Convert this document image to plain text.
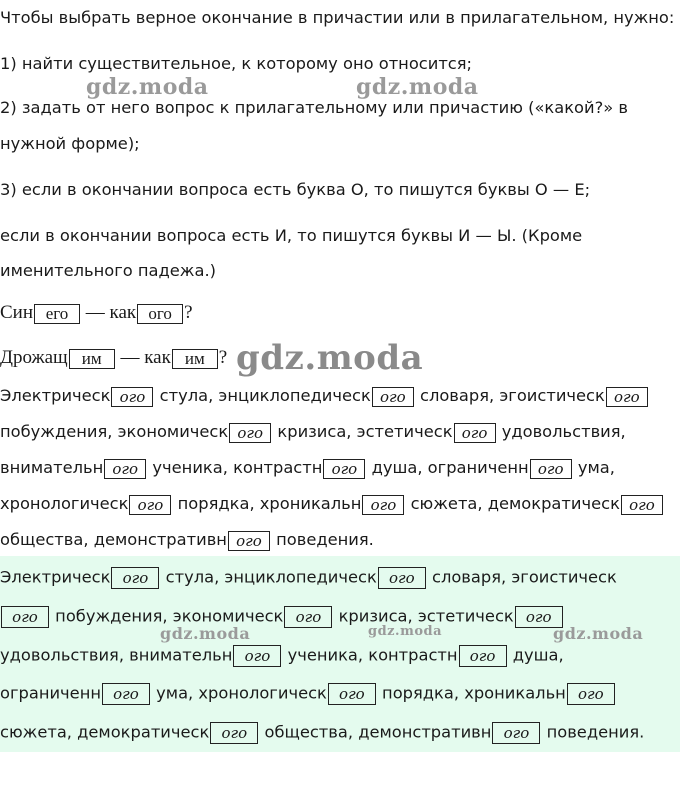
Чтобы выбрать верное окончание в причастии или в прилагательном, нужно:
1) найти существительное, к которому оно относится;
2) задать от него вопрос к прилагательному или причастию («какой?» в
нужной форме);
3) если в окончании вопроса есть буква О, то пишутся буквы О — Е;
если в окончании вопроса есть И, то пишутся буквы И — Ы. (Кроме
именительного падежа.)
Син его — как ого ?
Дрожащ им — как им ?
Электрическ ого стула, энциклопедическ ого словаря, эгоистическ ого
побуждения, экономическ ого кризиса, эстетическ ого удовольствия,
внимательн ого ученика, контрастн ого душа, ограниченн ого ума,
хронологическ ого порядка, хроникальн ого сюжета, демократическ ого
общества, демонстративн ого поведения.
Электрическ ого стула, энциклопедическ ого словаря, эгоистическ
ого побуждения, экономическ ого кризиса, эстетическ ого
удовольствия, внимательн ого ученика, контрастн ого душа,
ограниченн ого ума, хронологическ ого порядка, хроникальн ого
сюжета, демократическ ого общества, демонстративн ого поведения.
gdz.moda	gdz.moda
gdz.moda
gdz.moda	gdz.moda	gdz.moda
